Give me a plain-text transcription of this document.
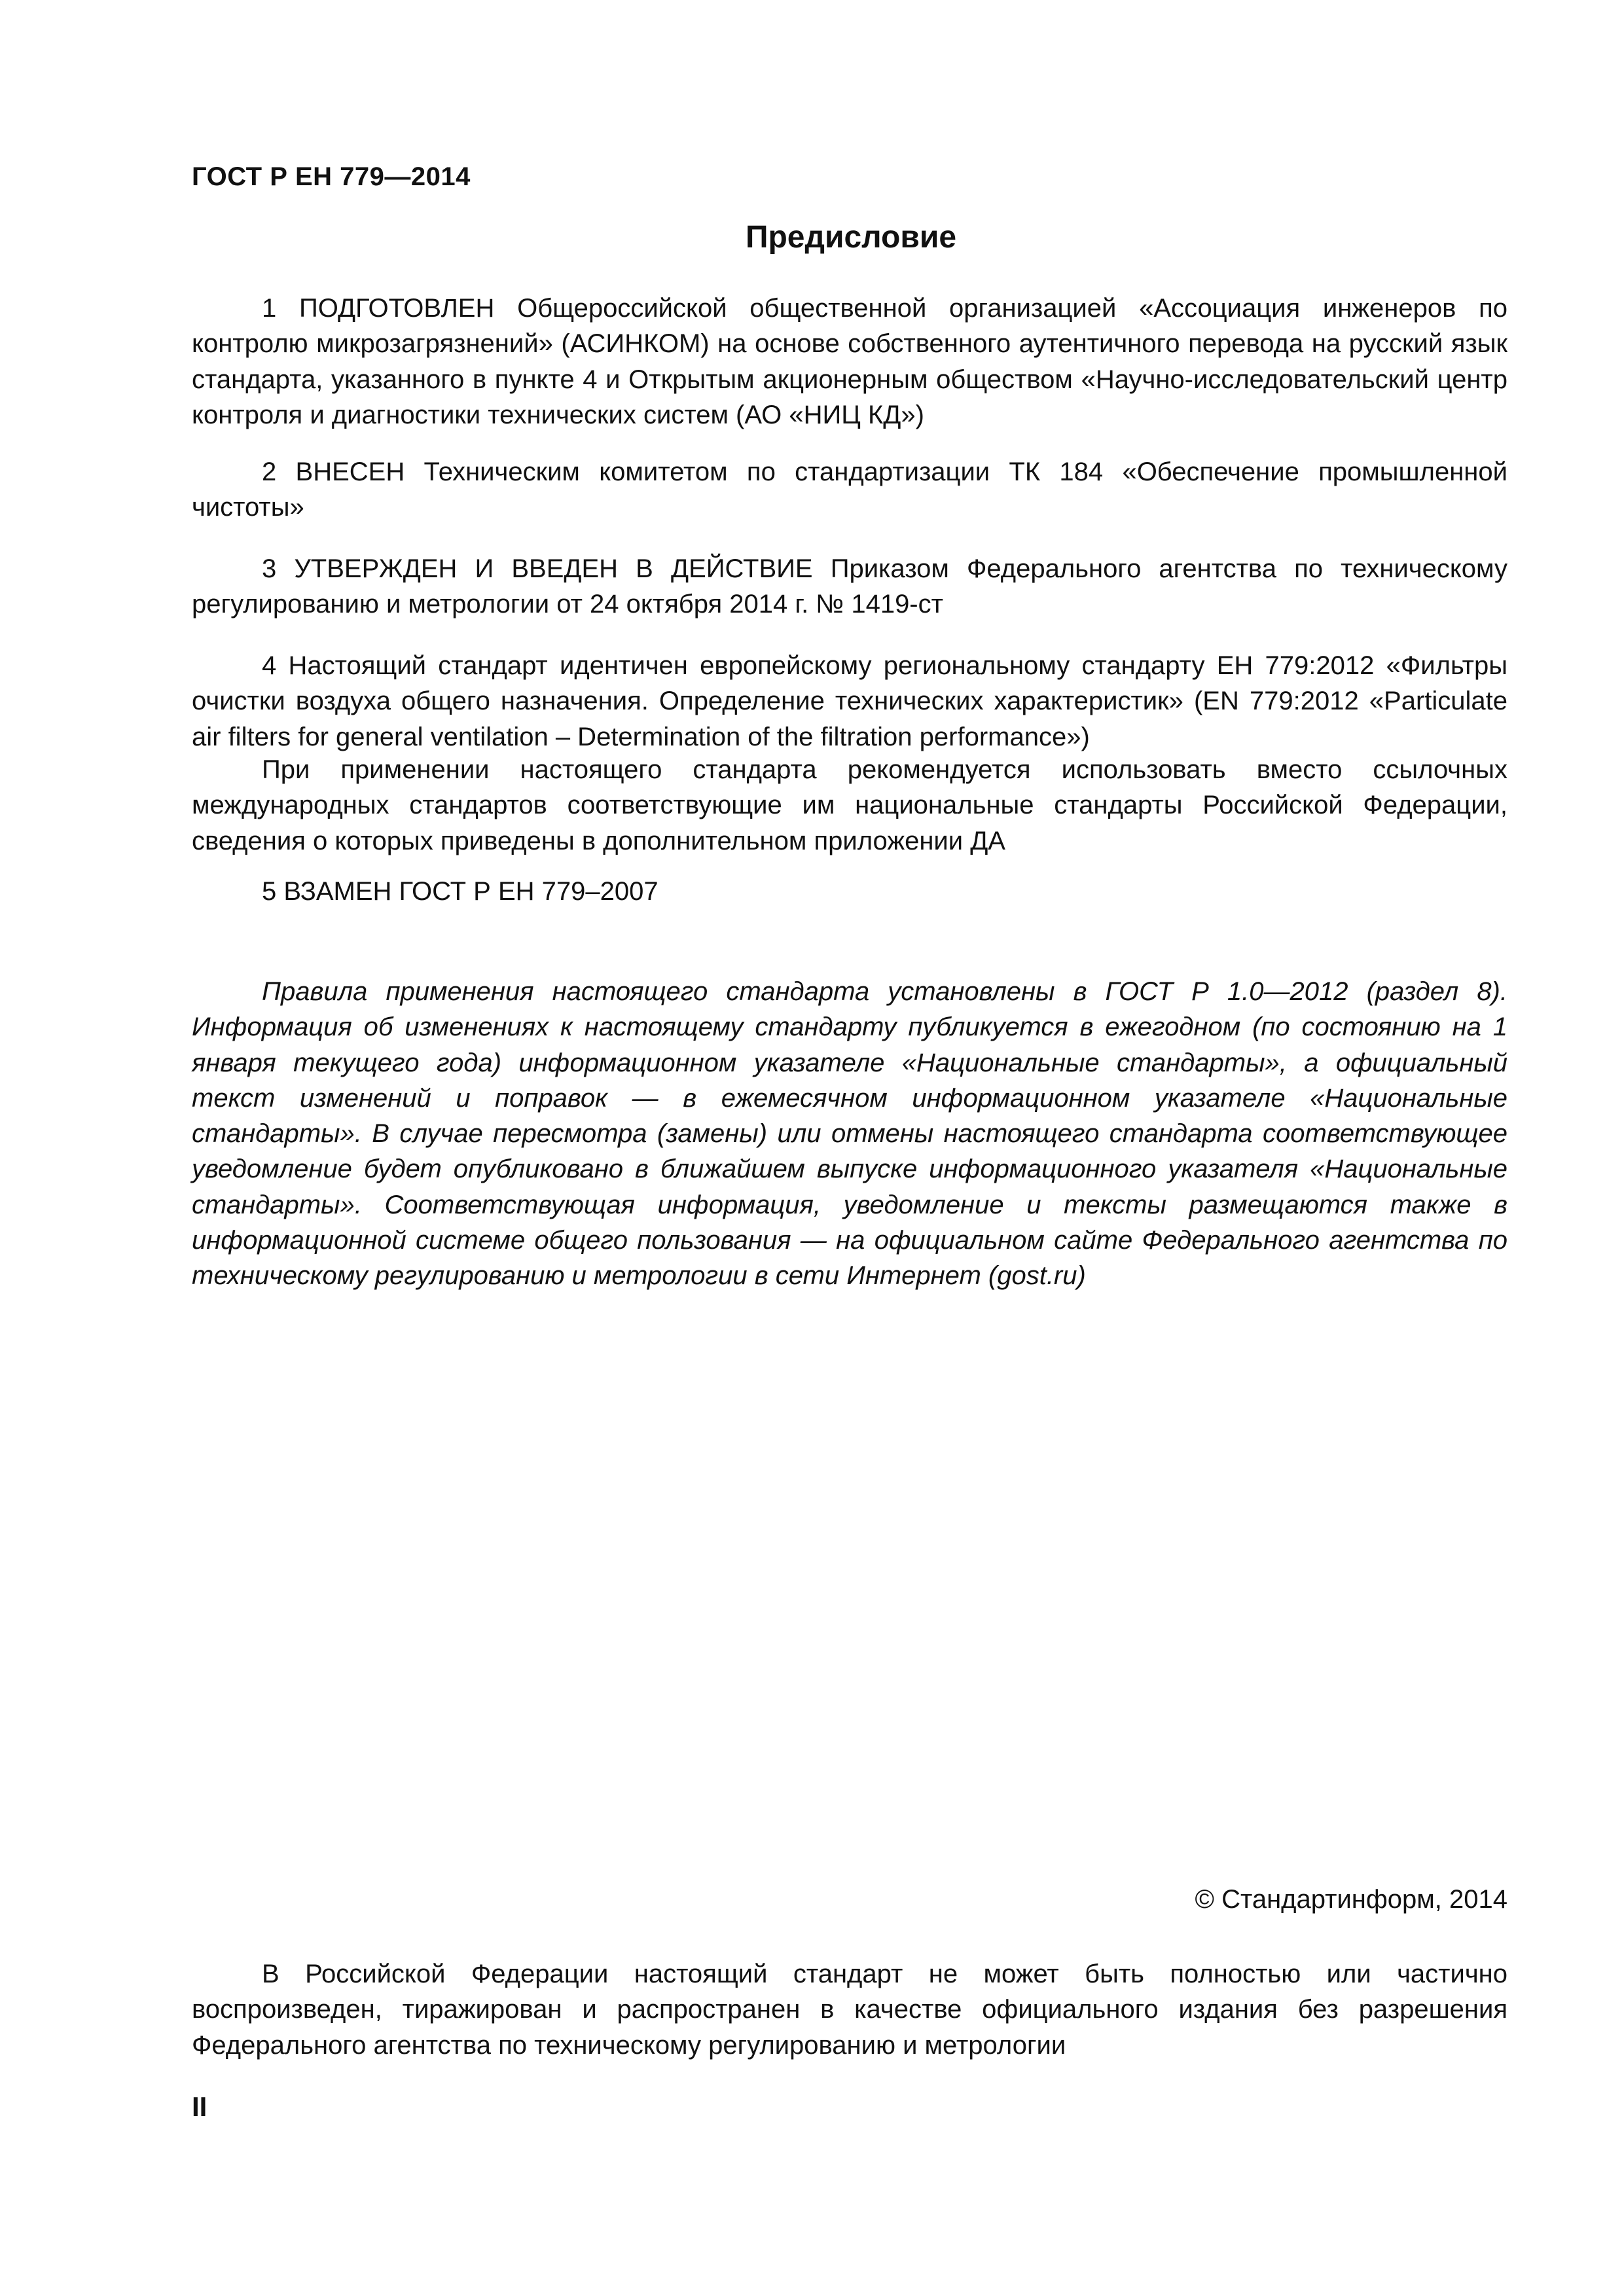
ГОСТ Р ЕН 779—2014
Предисловие

1 ПОДГОТОВЛЕН Общероссийской общественной организацией «Ассоциация инженеров по контролю микрозагрязнений» (АСИНКОМ) на основе собственного аутентичного перевода на русский язык стандарта, указанного в пункте 4 и Открытым акционерным обществом «Научно-исследовательский центр контроля и диагностики технических систем (АО «НИЦ КД»)

2 ВНЕСЕН Техническим комитетом по стандартизации ТК 184 «Обеспечение промышленной чистоты»

3 УТВЕРЖДЕН И ВВЕДЕН В ДЕЙСТВИЕ Приказом Федерального агентства по техническому регулированию и метрологии от 24 октября 2014 г. № 1419-ст

4 Настоящий стандарт идентичен европейскому региональному стандарту ЕН 779:2012 «Фильтры очистки воздуха общего назначения. Определение технических характеристик» (EN 779:2012 «Particulate air filters for general ventilation – Determination of the filtration performance»)

При применении настоящего стандарта рекомендуется использовать вместо ссылочных международных стандартов соответствующие им национальные стандарты Российской Федерации, сведения о которых приведены в дополнительном приложении ДА

5 ВЗАМЕН ГОСТ Р ЕН 779–2007

Правила применения настоящего стандарта установлены в ГОСТ Р 1.0—2012 (раздел 8). Информация об изменениях к настоящему стандарту публикуется в ежегодном (по состоянию на 1 января текущего года) информационном указателе «Национальные стандарты», а официальный текст изменений и поправок — в ежемесячном информационном указателе «Национальные стандарты». В случае пересмотра (замены) или отмены настоящего стандарта соответствующее уведомление будет опубликовано в ближайшем выпуске информационного указателя «Национальные стандарты». Соответствующая информация, уведомление и тексты размещаются также в информационной системе общего пользования — на официальном сайте Федерального агентства по техническому регулированию и метрологии в сети Интернет (gost.ru)

© Стандартинформ, 2014

В Российской Федерации настоящий стандарт не может быть полностью или частично воспроизведен, тиражирован и распространен в качестве официального издания без разрешения Федерального агентства по техническому регулированию и метрологии

II
